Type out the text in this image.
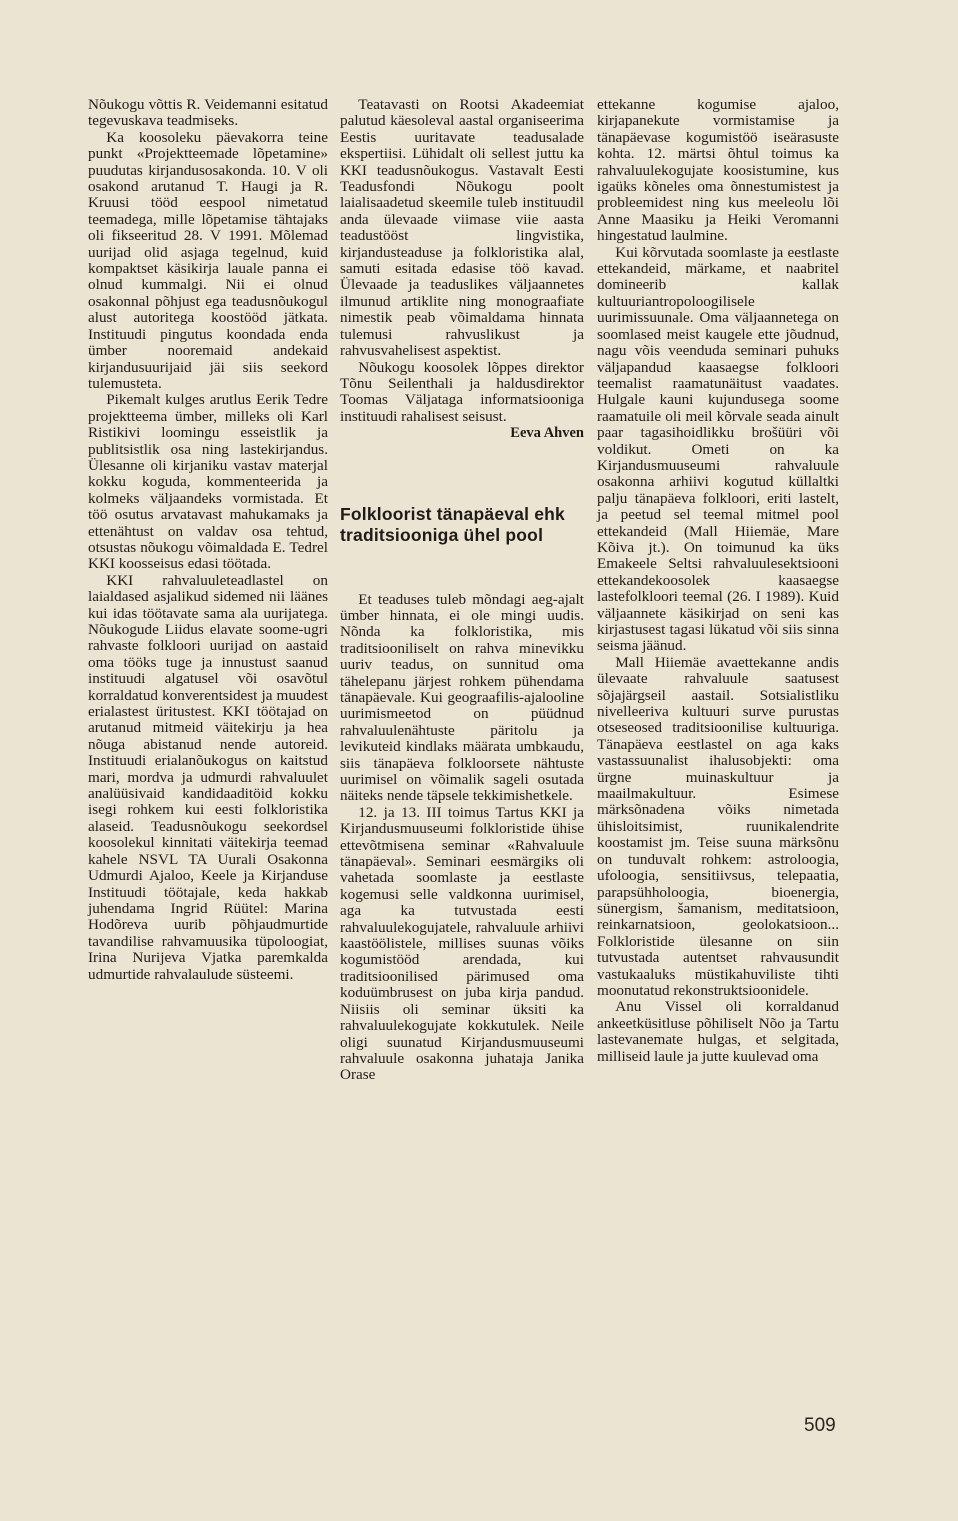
Nõukogu võttis R. Veidemanni esitatud tegevuskava teadmiseks.

Ka koosoleku päevakorra teine punkt «Projektteemade lõpetamine» puudutas kirjandusosakonda. 10. V oli osakond arutanud T. Haugi ja R. Kruusi tööd eespool nimetatud teemadega, mille lõpetamise tähtajaks oli fikseeritud 28. V 1991. Mõlemad uurijad olid asjaga tegelnud, kuid kompaktset käsikirja lauale panna ei olnud kummalgi. Nii ei olnud osakonnal põhjust ega teadusnõukogul alust autoritega koostööd jätkata. Instituudi pingutus koondada enda ümber nooremaid andekaid kirjandusuurijaid jäi siis seekord tulemusteta.

Pikemalt kulges arutlus Eerik Tedre projektteema ümber, milleks oli Karl Ristikivi loomingu esseistlik ja publitsistlik osa ning lastekirjandus. Ülesanne oli kirjaniku vastav materjal kokku koguda, kommenteerida ja kolmeks väljaandeks vormistada. Et töö osutus arvatavast mahukamaks ja ettenähtust on valdav osa tehtud, otsustas nõukogu võimaldada E. Tedrel KKI koosseisus edasi töötada.

KKI rahvaluuleteadlastel on laialdased asjalikud sidemed nii läänes kui idas töötavate sama ala uurijatega. Nõukogude Liidus elavate soome-ugri rahvaste folkloori uurijad on aastaid oma tööks tuge ja innustust saanud instituudi algatusel või osavõtul korraldatud konverentsidest ja muudest erialastest üritustest. KKI töötajad on arutanud mitmeid väitekirju ja hea nõuga abistanud nende autoreid. Instituudi erialanõukogus on kaitstud mari, mordva ja udmurdi rahvaluulet analüüsivaid kandidaaditöid kokku isegi rohkem kui eesti folkloristika alaseid. Teadusnõukogu seekordsel koosolekul kinnitati väitekirja teemad kahele NSVL TA Uurali Osakonna Udmurdi Ajaloo, Keele ja Kirjanduse Instituudi töötajale, keda hakkab juhendama Ingrid Rüütel: Marina Hodõreva uurib põhjaudmurtide tavandilise rahvamuusika tüpoloogiat, Irina Nurijeva Vjatka paremkalda udmurtide rahvalaulude süsteemi.

Teatavasti on Rootsi Akadeemiat palutud käesoleval aastal organiseerima Eestis uuritavate teadusalade ekspertiisi. Lühidalt oli sellest juttu ka KKI teadusnõukogus. Vastavalt Eesti Teadusfondi Nõukogu poolt laialisaadetud skeemile tuleb instituudil anda ülevaade viimase viie aasta teadustööst lingvistika, kirjandusteaduse ja folkloristika alal, samuti esitada edasise töö kavad. Ülevaade ja teaduslikes väljaannetes ilmunud artiklite ning monograafiate nimestik peab võimaldama hinnata tulemusi rahvuslikust ja rahvusvahelisest aspektist.

Nõukogu koosolek lõppes direktor Tõnu Seilenthali ja haldusdirektor Toomas Väljataga informatsiooniga instituudi rahalisest seisust.

Eeva Ahven

Folkloorist tänapäeval ehk traditsiooniga ühel pool

Et teaduses tuleb mõndagi aeg-ajalt ümber hinnata, ei ole mingi uudis. Nõnda ka folkloristika, mis traditsiooniliselt on rahva minevikku uuriv teadus, on sunnitud oma tähelepanu järjest rohkem pühendama tänapäevale. Kui geograafilis-ajalooline uurimismeetod on püüdnud rahvaluulenähtuste päritolu ja levikuteid kindlaks määrata umbkaudu, siis tänapäeva folkloorsete nähtuste uurimisel on võimalik sageli osutada näiteks nende täpsele tekkimishetkele.

12. ja 13. III toimus Tartus KKI ja Kirjandusmuuseumi folkloristide ühise ettevõtmisena seminar «Rahvaluule tänapäeval». Seminari eesmärgiks oli vahetada soomlaste ja eestlaste kogemusi selle valdkonna uurimisel, aga ka tutvustada eesti rahvaluulekogujatele, rahvaluule arhiivi kaastöölistele, millises suunas võiks kogumistööd arendada, kui traditsioonilised pärimused oma koduümbrusest on juba kirja pandud. Niisiis oli seminar üksiti ka rahvaluulekogujate kokkutulek. Neile oligi suunatud Kirjandusmuuseumi rahvaluule osakonna juhataja Janika Orase

ettekanne kogumise ajaloo, kirjapanekute vormistamise ja tänapäevase kogumistöö iseärasuste kohta. 12. märtsi õhtul toimus ka rahvaluulekogujate koosistumine, kus igaüks kõneles oma õnnestumistest ja probleemidest ning kus meeleolu lõi Anne Maasiku ja Heiki Veromanni hingestatud laulmine.

Kui kõrvutada soomlaste ja eestlaste ettekandeid, märkame, et naabritel domineerib kallak kultuuriantropoloogilisele uurimissuunale. Oma väljaannetega on soomlased meist kaugele ette jõudnud, nagu võis veenduda seminari puhuks väljapandud kaasaegse folkloori teemalist raamatunäitust vaadates. Hulgale kauni kujundusega soome raamatuile oli meil kõrvale seada ainult paar tagasihoidlikku brošüüri või voldikut. Ometi on ka Kirjandusmuuseumi rahvaluule osakonna arhiivi kogutud küllaltki palju tänapäeva folkloori, eriti lastelt, ja peetud sel teemal mitmel pool ettekandeid (Mall Hiiemäe, Mare Kõiva jt.). On toimunud ka üks Emakeele Seltsi rahvaluulesektsiooni ettekandekoosolek kaasaegse lastefolkloori teemal (26. I 1989). Kuid väljaannete käsikirjad on seni kas kirjastusest tagasi lükatud või siis sinna seisma jäänud.

Mall Hiiemäe avaettekanne andis ülevaate rahvaluule saatusest sõjajärgseil aastail. Sotsialistliku nivelleeriva kultuuri surve purustas otseseosed traditsioonilise kultuuriga. Tänapäeva eestlastel on aga kaks vastassuunalist ihalusobjekti: oma ürgne muinaskultuur ja maailmakultuur. Esimese märksõnadena võiks nimetada ühisloitsimist, ruunikalendrite koostamist jm. Teise suuna märksõnu on tunduvalt rohkem: astroloogia, ufoloogia, sensitiivsus, telepaatia, parapsühholoogia, bioenergia, sünergism, šamanism, meditatsioon, reinkarnatsioon, geolokatsioon... Folkloristide ülesanne on siin tutvustada autentset rahvausundit vastukaaluks müstikahuviliste tihti moonutatud rekonstruktsioonidele.

Anu Vissel oli korraldanud ankeetküsitluse põhiliselt Nõo ja Tartu lastevanemate hulgas, et selgitada, milliseid laule ja jutte kuulevad oma

509
